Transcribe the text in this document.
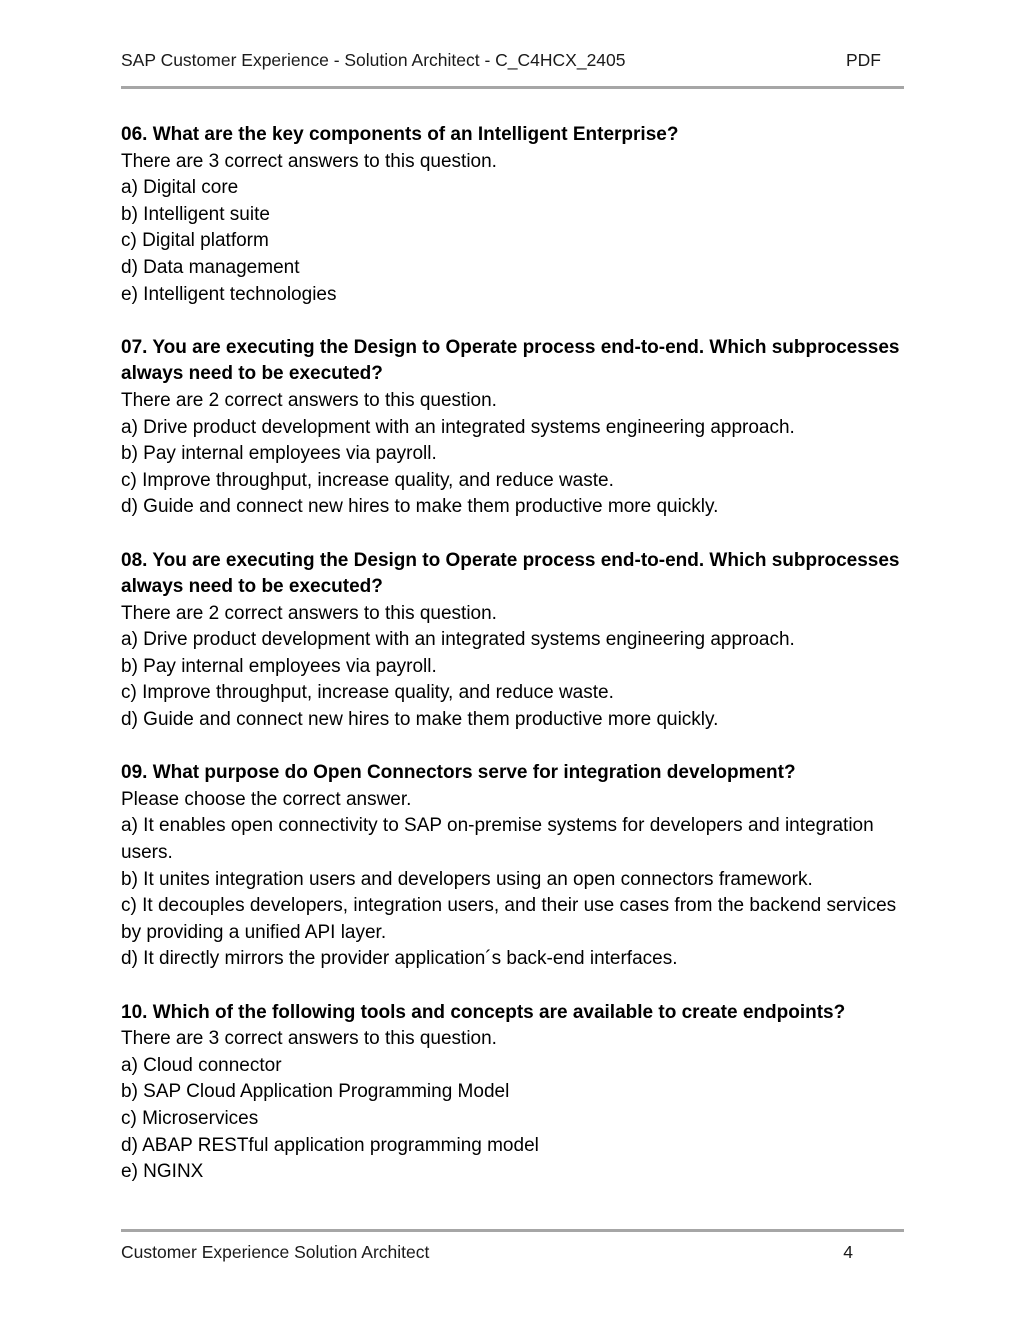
SAP Customer Experience - Solution Architect - C_C4HCX_2405	PDF

06. What are the key components of an Intelligent Enterprise?

There are 3 correct answers to this question.

a) Digital core

b) Intelligent suite

c) Digital platform

d) Data management

e) Intelligent technologies

07. You are executing the Design to Operate process end-to-end. Which subprocesses always need to be executed?

There are 2 correct answers to this question.

a) Drive product development with an integrated systems engineering approach.

b) Pay internal employees via payroll.

c) Improve throughput, increase quality, and reduce waste.

d) Guide and connect new hires to make them productive more quickly.

08. You are executing the Design to Operate process end-to-end. Which subprocesses always need to be executed?

There are 2 correct answers to this question.

a) Drive product development with an integrated systems engineering approach.

b) Pay internal employees via payroll.

c) Improve throughput, increase quality, and reduce waste.

d) Guide and connect new hires to make them productive more quickly.

09. What purpose do Open Connectors serve for integration development?

Please choose the correct answer.

a) It enables open connectivity to SAP on-premise systems for developers and integration users.

b) It unites integration users and developers using an open connectors framework.

c) It decouples developers, integration users, and their use cases from the backend services by providing a unified API layer.

d) It directly mirrors the provider application´s back-end interfaces.

10. Which of the following tools and concepts are available to create endpoints?

There are 3 correct answers to this question.

a) Cloud connector

b) SAP Cloud Application Programming Model

c) Microservices

d) ABAP RESTful application programming model

e) NGINX

Customer Experience Solution Architect	4
